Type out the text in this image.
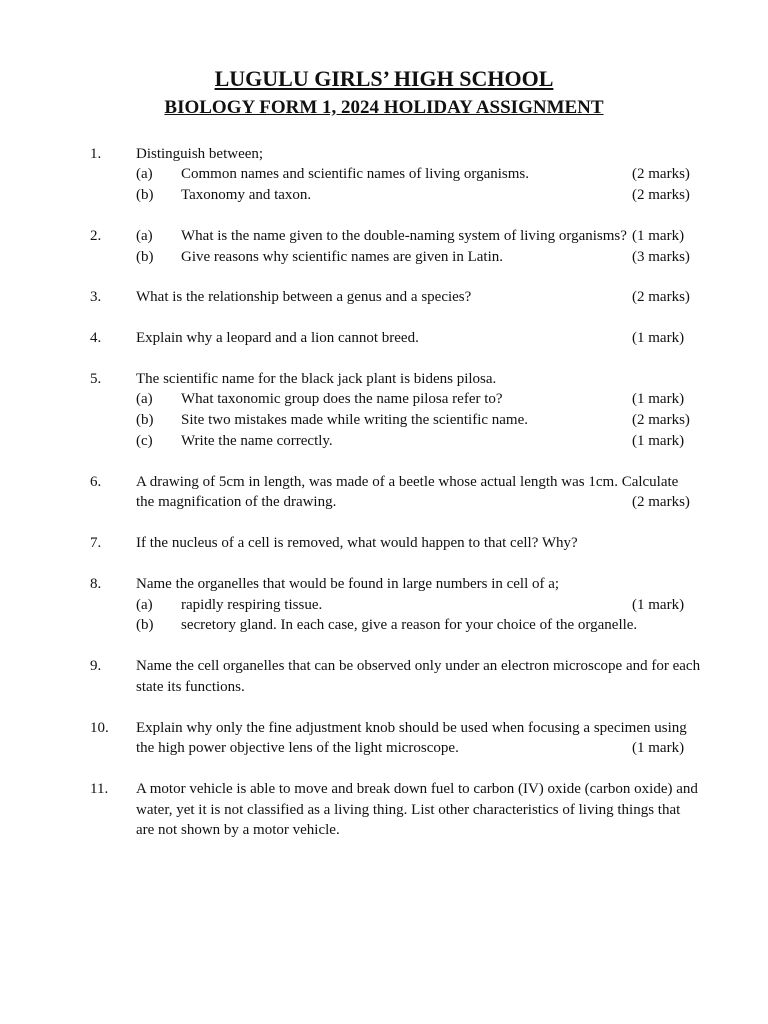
LUGULU GIRLS’ HIGH SCHOOL
BIOLOGY FORM 1, 2024 HOLIDAY ASSIGNMENT
1. Distinguish between;
(a) Common names and scientific names of living organisms.	(2 marks)
(b) Taxonomy and taxon.	(2 marks)
2. (a) What is the name given to the double-naming system of living organisms? (1 mark)
(b) Give reasons why scientific names are given in Latin.	(3 marks)
3. What is the relationship between a genus and a species?	(2 marks)
4. Explain why a leopard and a lion cannot breed.	(1 mark)
5. The scientific name for the black jack plant is bidens pilosa.
(a) What taxonomic group does the name pilosa refer to?	(1 mark)
(b) Site two mistakes made while writing the scientific name.	(2 marks)
(c) Write the name correctly.	(1 mark)
6. A drawing of 5cm in length, was made of a beetle whose actual length was 1cm. Calculate
the magnification of the drawing.	(2 marks)
7. If the nucleus of a cell is removed, what would happen to that cell? Why?
8. Name the organelles that would be found in large numbers in cell of a;
(a) rapidly respiring tissue.	(1 mark)
(b) secretory gland. In each case, give a reason for your choice of the organelle.
9. Name the cell organelles that can be observed only under an electron microscope and for each
state its functions.
10. Explain why only the fine adjustment knob should be used when focusing a specimen using
the high power objective lens of the light microscope.	(1 mark)
11. A motor vehicle is able to move and break down fuel to carbon (IV) oxide (carbon oxide) and
water, yet it is not classified as a living thing. List other characteristics of living things that
are not shown by a motor vehicle.
